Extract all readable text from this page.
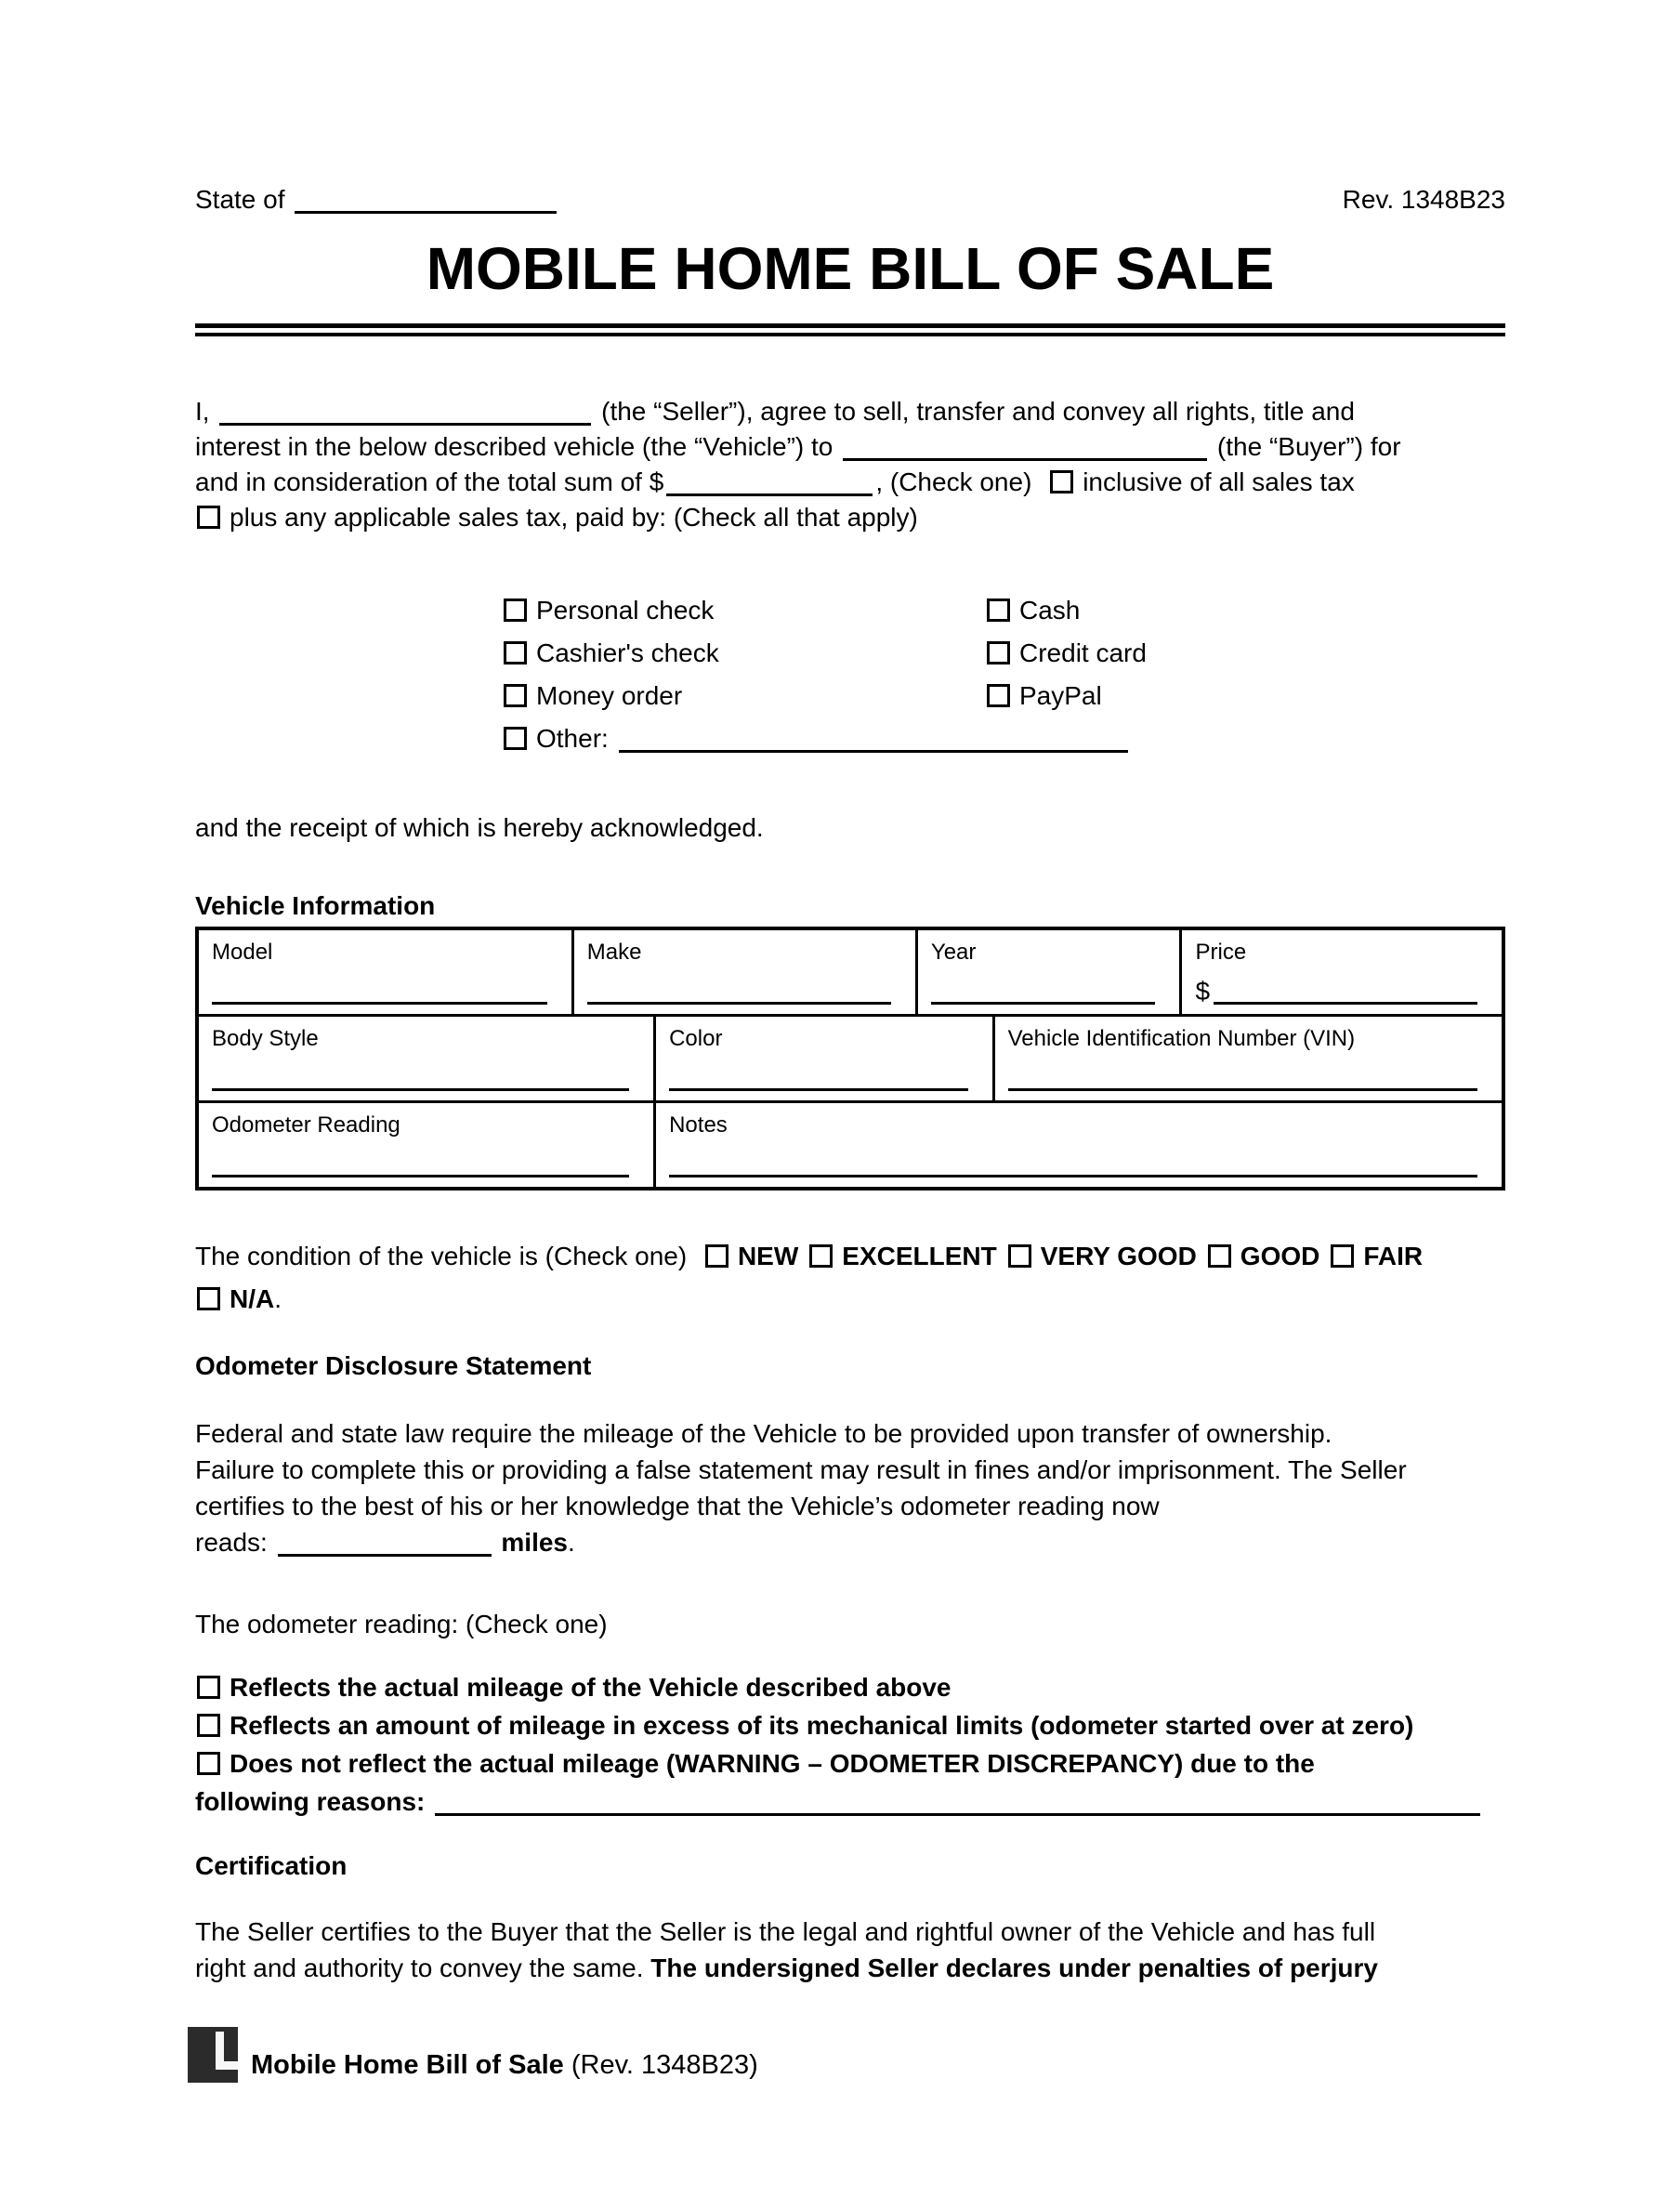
State of	Rev. 1348B23
MOBILE HOME BILL OF SALE
I,	(the “Seller”), agree to sell, transfer and convey all rights, title and
interest in the below described vehicle (the “Vehicle”) to	(the “Buyer”) for
and in consideration of the total sum of $	, (Check one) inclusive of all sales tax
plus any applicable sales tax, paid by: (Check all that apply)
Personal check
Cashier's check
Money order
Other:
Cash
Credit card
PayPal
and the receipt of which is hereby acknowledged.
Vehicle Information
Model	Make	Year	Price
$
Body Style	Color	Vehicle Identification Number (VIN)
Odometer Reading	Notes
The condition of the vehicle is (Check one) NEW EXCELLENT VERY GOOD GOOD FAIR
N/A.
Odometer Disclosure Statement
Federal and state law require the mileage of the Vehicle to be provided upon transfer of ownership.
Failure to complete this or providing a false statement may result in fines and/or imprisonment. The Seller
certifies to the best of his or her knowledge that the Vehicle’s odometer reading now
reads:	miles.
The odometer reading: (Check one)
Reflects the actual mileage of the Vehicle described above
Reflects an amount of mileage in excess of its mechanical limits (odometer started over at zero)
Does not reflect the actual mileage (WARNING – ODOMETER DISCREPANCY) due to the
following reasons:
Certification
The Seller certifies to the Buyer that the Seller is the legal and rightful owner of the Vehicle and has full
right and authority to convey the same. The undersigned Seller declares under penalties of perjury
Mobile Home Bill of Sale (Rev. 1348B23)
